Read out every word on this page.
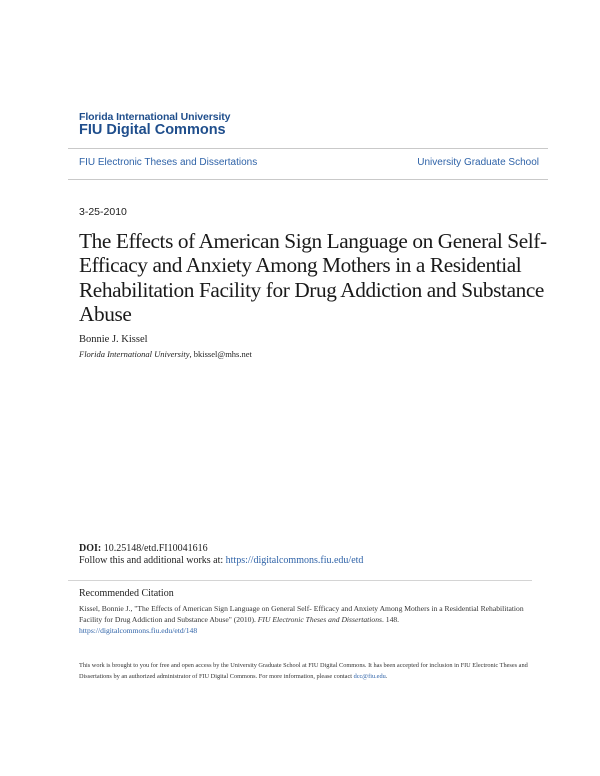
Florida International University
FIU Digital Commons
FIU Electronic Theses and Dissertations	University Graduate School
3-25-2010
The Effects of American Sign Language on General Self- Efficacy and Anxiety Among Mothers in a Residential Rehabilitation Facility for Drug Addiction and Substance Abuse
Bonnie J. Kissel
Florida International University, bkissel@mhs.net
DOI: 10.25148/etd.FI10041616
Follow this and additional works at: https://digitalcommons.fiu.edu/etd
Recommended Citation
Kissel, Bonnie J., "The Effects of American Sign Language on General Self- Efficacy and Anxiety Among Mothers in a Residential Rehabilitation Facility for Drug Addiction and Substance Abuse" (2010). FIU Electronic Theses and Dissertations. 148.
https://digitalcommons.fiu.edu/etd/148
This work is brought to you for free and open access by the University Graduate School at FIU Digital Commons. It has been accepted for inclusion in FIU Electronic Theses and Dissertations by an authorized administrator of FIU Digital Commons. For more information, please contact dcc@fiu.edu.
